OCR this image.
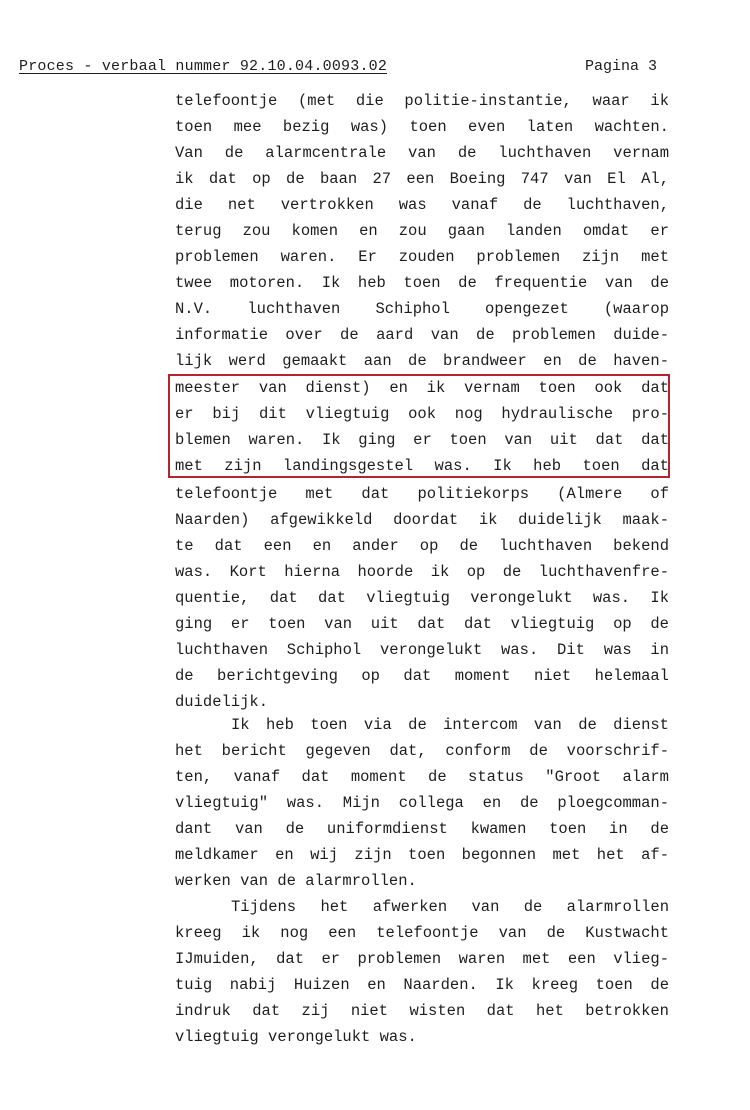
Proces - verbaal nummer 92.10.04.0093.02	Pagina 3
telefoontje (met die politie-instantie, waar ik
toen mee bezig was) toen even laten wachten.
Van de alarmcentrale van de luchthaven vernam
ik dat op de baan 27 een Boeing 747 van El Al,
die net vertrokken was vanaf de luchthaven,
terug zou komen en zou gaan landen omdat er
problemen waren. Er zouden problemen zijn met
twee motoren. Ik heb toen de frequentie van de
N.V. luchthaven Schiphol opengezet (waarop
informatie over de aard van de problemen duide-
lijk werd gemaakt aan de brandweer en de haven-
meester van dienst) en ik vernam toen ook dat
er bij dit vliegtuig ook nog hydraulische pro-
blemen waren. Ik ging er toen van uit dat dat
met zijn landingsgestel was. Ik heb toen dat
telefoontje met dat politiekorps (Almere of
Naarden) afgewikkeld doordat ik duidelijk maak-
te dat een en ander op de luchthaven bekend
was. Kort hierna hoorde ik op de luchthavenfre-
quentie, dat dat vliegtuig verongelukt was. Ik
ging er toen van uit dat dat vliegtuig op de
luchthaven Schiphol verongelukt was. Dit was in
de berichtgeving op dat moment niet helemaal
duidelijk.
Ik heb toen via de intercom van de dienst
het bericht gegeven dat, conform de voorschrif-
ten, vanaf dat moment de status "Groot alarm
vliegtuig" was. Mijn collega en de ploegcomman-
dant van de uniformdienst kwamen toen in de
meldkamer en wij zijn toen begonnen met het af-
werken van de alarmrollen.
Tijdens het afwerken van de alarmrollen
kreeg ik nog een telefoontje van de Kustwacht
IJmuiden, dat er problemen waren met een vlieg-
tuig nabij Huizen en Naarden. Ik kreeg toen de
indruk dat zij niet wisten dat het betrokken
vliegtuig verongelukt was.
